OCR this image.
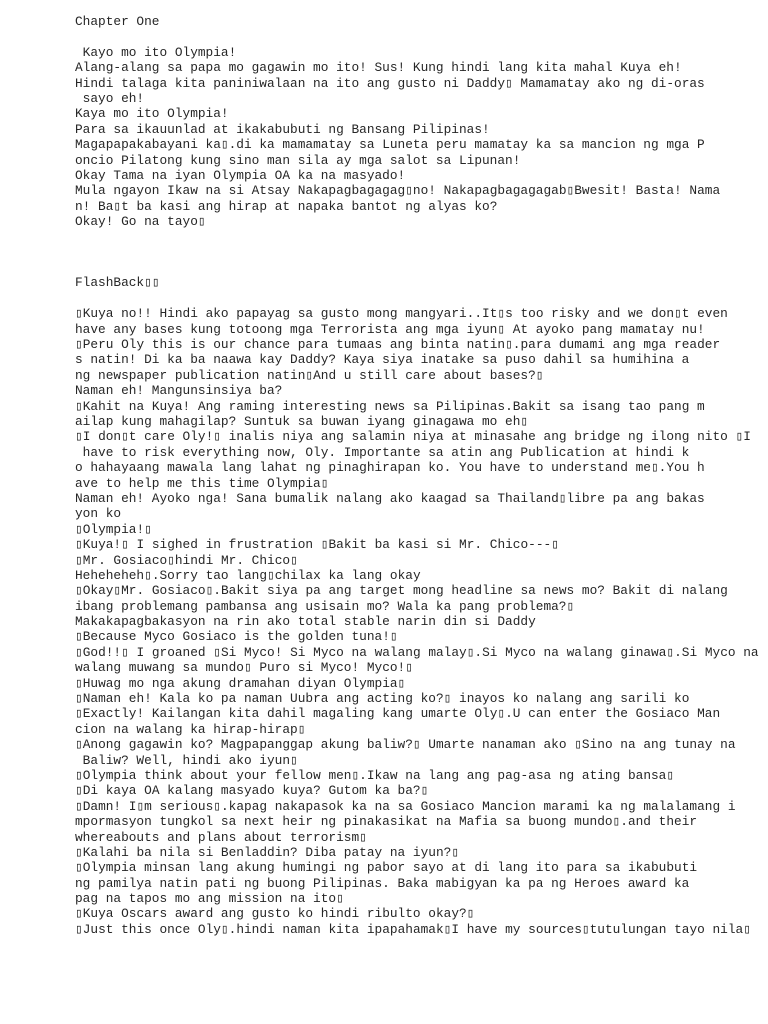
Chapter One
Kayo mo ito Olympia!
Alang-alang sa papa mo gagawin mo ito! Sus! Kung hindi lang kita mahal Kuya eh!
Hindi talaga kita paniniwalaan na ito ang gusto ni Daddy▯ Mamamatay ako ng di-oras
sayo eh!
Kaya mo ito Olympia!
Para sa ikauunlad at ikakabubuti ng Bansang Pilipinas!
Magapapakabayani ka▯.di ka mamamatay sa Luneta peru mamatay ka sa mancion ng mga P
oncio Pilatong kung sino man sila ay mga salot sa Lipunan!
Okay Tama na iyan Olympia OA ka na masyado!
Mula ngayon Ikaw na si Atsay Nakapagbagagag▯no! Nakapagbagagagab▯Bwesit! Basta! Nama
n! Ba▯t ba kasi ang hirap at napaka bantot ng alyas ko?
Okay! Go na tayo▯
FlashBack▯▯
▯Kuya no!! Hindi ako papayag sa gusto mong mangyari..It▯s too risky and we don▯t even
have any bases kung totoong mga Terrorista ang mga iyun▯ At ayoko pang mamatay nu!
▯Peru Oly this is our chance para tumaas ang binta natin▯.para dumami ang mga reader
s natin! Di ka ba naawa kay Daddy? Kaya siya inatake sa puso dahil sa humihina a
ng newspaper publication natin▯And u still care about bases?▯
Naman eh! Mangunsinsiya ba?
▯Kahit na Kuya! Ang raming interesting news sa Pilipinas.Bakit sa isang tao pang m
ailap kung mahagilap? Suntuk sa buwan iyang ginagawa mo eh▯
▯I don▯t care Oly!▯ inalis niya ang salamin niya at minasahe ang bridge ng ilong nito ▯I
have to risk everything now, Oly. Importante sa atin ang Publication at hindi k
o hahayaang mawala lang lahat ng pinaghirapan ko. You have to understand me▯.You h
ave to help me this time Olympia▯
Naman eh! Ayoko nga! Sana bumalik nalang ako kaagad sa Thailand▯libre pa ang bakas
yon ko
▯Olympia!▯
▯Kuya!▯ I sighed in frustration ▯Bakit ba kasi si Mr. Chico---▯
▯Mr. Gosiaco▯hindi Mr. Chico▯
Heheheheh▯.Sorry tao lang▯chilax ka lang okay
▯Okay▯Mr. Gosiaco▯.Bakit siya pa ang target mong headline sa news mo? Bakit di nalang
ibang problemang pambansa ang usisain mo? Wala ka pang problema?▯
Makakapagbakasyon na rin ako total stable narin din si Daddy
▯Because Myco Gosiaco is the golden tuna!▯
▯God!!▯ I groaned ▯Si Myco! Si Myco na walang malay▯.Si Myco na walang ginawa▯.Si Myco na
walang muwang sa mundo▯ Puro si Myco! Myco!▯
▯Huwag mo nga akung dramahan diyan Olympia▯
▯Naman eh! Kala ko pa naman Uubra ang acting ko?▯ inayos ko nalang ang sarili ko
▯Exactly! Kailangan kita dahil magaling kang umarte Oly▯.U can enter the Gosiaco Man
cion na walang ka hirap-hirap▯
▯Anong gagawin ko? Magpapanggap akung baliw?▯ Umarte nanaman ako ▯Sino na ang tunay na
Baliw? Well, hindi ako iyun▯
▯Olympia think about your fellow men▯.Ikaw na lang ang pag-asa ng ating bansa▯
▯Di kaya OA kalang masyado kuya? Gutom ka ba?▯
▯Damn! I▯m serious▯.kapag nakapasok ka na sa Gosiaco Mancion marami ka ng malalamang i
mpormasyon tungkol sa next heir ng pinakasikat na Mafia sa buong mundo▯.and their
whereabouts and plans about terrorism▯
▯Kalahi ba nila si Benladdin? Diba patay na iyun?▯
▯Olympia minsan lang akung humingi ng pabor sayo at di lang ito para sa ikabubuti
ng pamilya natin pati ng buong Pilipinas. Baka mabigyan ka pa ng Heroes award ka
pag na tapos mo ang mission na ito▯
▯Kuya Oscars award ang gusto ko hindi ribulto okay?▯
▯Just this once Oly▯.hindi naman kita ipapahamak▯I have my sources▯tutulungan tayo nila▯
